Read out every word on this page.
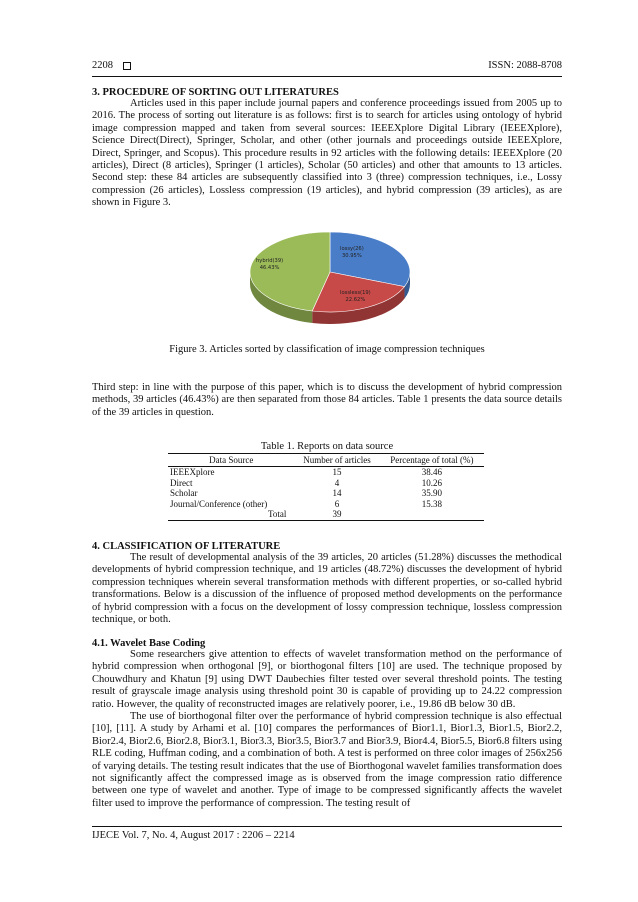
2208	ISSN: 2088-8708
3. PROCEDURE OF SORTING OUT LITERATURES

Articles used in this paper include journal papers and conference proceedings issued from 2005 up to 2016. The process of sorting out literature is as follows: first is to search for articles using ontology of hybrid image compression mapped and taken from several sources: IEEEXplore Digital Library (IEEEXplore), Science Direct(Direct), Springer, Scholar, and other (other journals and proceedings outside IEEEXplore, Direct, Springer, and Scopus). This procedure results in 92 articles with the following details: IEEEXplore (20 articles), Direct (8 articles), Springer (1 articles), Scholar (50 articles) and other that amounts to 13 articles. Second step: these 84 articles are subsequently classified into 3 (three) compression techniques, i.e., Lossy compression (26 articles), Lossless compression (19 articles), and hybrid compression (39 articles), as are shown in Figure 3.

lossy(26)
30.95%
lossless(19)
22.62%
hybrid(39)
46.43%
Figure 3. Articles sorted by classification of image compression techniques

Third step: in line with the purpose of this paper, which is to discuss the development of hybrid compression methods, 39 articles (46.43%) are then separated from those 84 articles. Table 1 presents the data source details of the 39 articles in question.

Table 1. Reports on data source
Data Source	Number of articles	Percentage of total (%)
IEEEXplore	15	38.46
Direct	4	10.26
Scholar	14	35.90
Journal/Conference (other)	6	15.38
Total	39	
4. CLASSIFICATION OF LITERATURE

The result of developmental analysis of the 39 articles, 20 articles (51.28%) discusses the methodical developments of hybrid compression technique, and 19 articles (48.72%) discusses the development of hybrid compression techniques wherein several transformation methods with different properties, or so-called hybrid transformations. Below is a discussion of the influence of proposed method developments on the performance of hybrid compression with a focus on the development of lossy compression technique, lossless compression technique, or both.

4.1. Wavelet Base Coding

Some researchers give attention to effects of wavelet transformation method on the performance of hybrid compression when orthogonal [9], or biorthogonal filters [10] are used. The technique proposed by Chouwdhury and Khatun [9] using DWT Daubechies filter tested over several threshold points. The testing result of grayscale image analysis using threshold point 30 is capable of providing up to 24.22 compression ratio. However, the quality of reconstructed images are relatively poorer, i.e., 19.86 dB below 30 dB.

The use of biorthogonal filter over the performance of hybrid compression technique is also effectual [10], [11]. A study by Arhami et al. [10] compares the performances of Bior1.1, Bior1.3, Bior1.5, Bior2.2, Bior2.4, Bior2.6, Bior2.8, Bior3.1, Bior3.3, Bior3.5, Bior3.7 and Bior3.9, Bior4.4, Bior5.5, Bior6.8 filters using RLE coding, Huffman coding, and a combination of both. A test is performed on three color images of 256x256 of varying details. The testing result indicates that the use of Biorthogonal wavelet families transformation does not significantly affect the compressed image as is observed from the image compression ratio difference between one type of wavelet and another. Type of image to be compressed significantly affects the wavelet filter used to improve the performance of compression. The testing result of

IJECE Vol. 7, No. 4, August 2017 : 2206 – 2214
